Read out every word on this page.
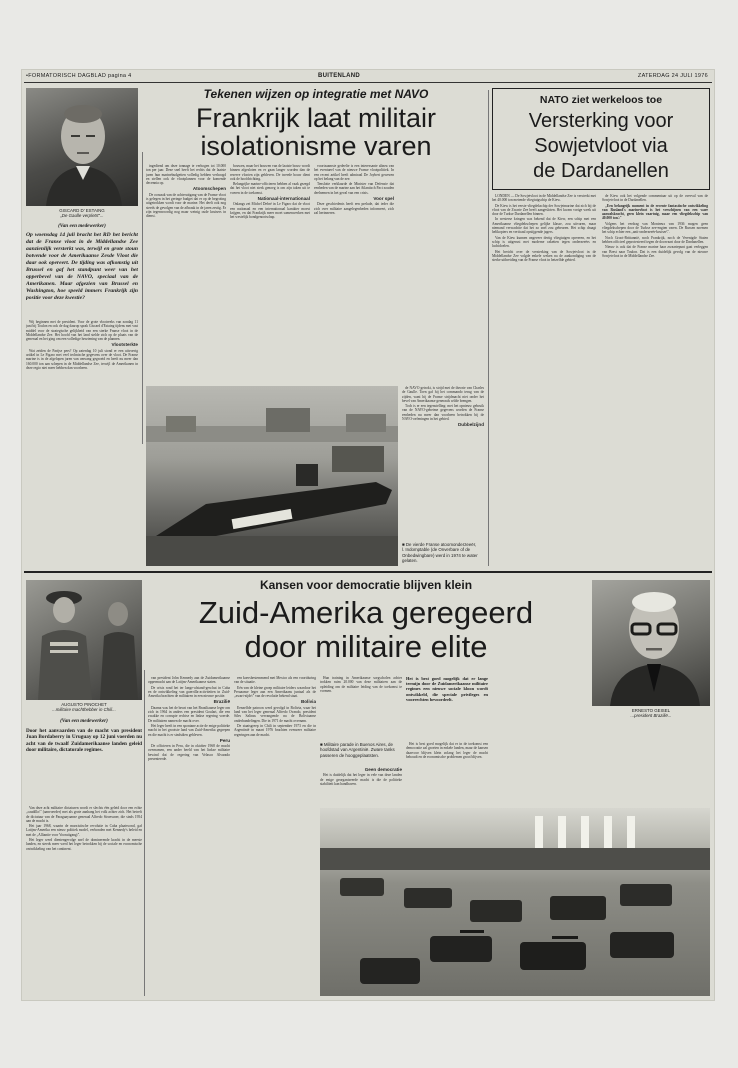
•FORMATORISCH DAGBLAD pagina 4	BUITENLAND	ZATERDAG 24 JULI 1976
GISCARD D' ESTAING
„De Gaulle verpletrt"...
(Van een medewerker)
Op woensdag 14 juli bracht het RD het bericht dat de Franse vloot in de Middellandse Zee aanzienlijk versterkt was, terwijl en grote stoun botvende voor de Amerikaanse Zesde Vloot die daar ook opereert. De tijding was afkomstig uit Brussel en gaf het standpunt weer van het opperbevel van de NAVO, speciaal van de Amerikanen. Maar afgezien van Brussel en Washington, hoe speeld immers Frankrijk zijn positie voor deze kwestie?

Wij beginnen met de president. Voor de grote vlootreeks van zondag 11 juni bij Toulon en ook de dag daarop sprak Giscard d'Estaing tijdens met vast middel voor de strategische gelijkheid van een sterke Franse vloot in de Middellandse Zee. Het hoofd van het land stelde zich op de plaats van de generaal en het ging om een volledige herziening van de plannen.

Vlootsterkte

Wat zeiden de Parijse pers? Op zaterdag 10 juli stond er een uitvoerig artikel in Le Figaro met veel technische gegevens over de vloot. De Franse marine is in de afgelopen jaren van omvang gegroeid en heeft nu meer dan 160.000 ton aan schepen in de Middellandse Zee, terwijl de Amerikanen in deze regio niet meer hebben dan voorheen.

Tekenen wijzen op integratie met NAVO
Frankrijk laat militair
isolationisme varen

ingediend om deze tonnage te verhogen tot 10.000 ton per jaar. Deze snel heeft het rechts dat de laatste jaren hun marinebudgetten volledig hebben verhoogd en stellen ook de vlootplannen voor de komende decennia op.

Atoomschepen

De oorzaak van de achteruitgang van de Franse vloot is gelegen in het geringe budget dat er op de begroting uitgetrokken wordt voor de marine. Het deelt ook nog steeds de gevolgen van de afbraak in de jaren zestig. Er zijn tegenwoordig nog maar weinig oude kruisers in dienst.

bouwen, maar het bouwen van de laatste bouw wordt binnen afgesloten en er gaan langer worden dan de reserve vlooten zijn gebleven. De tweede bouw dient ook de hoofdrichting.

Belangrijke marine-officieren hebben al vaak gezegd dat het vloot niet sterk genoeg is om zijn taken uit te voeren in de toekomst.

Nationaal-internationaal

Onlangs zei Michel Debré in Le Figaro dat de vloot een nationaal en een internationaal karakter moest krijgen, en dat Frankrijk meer moet samenwerken met het westelijk bondgenootschap.

voortzaamste gedeelte is een interessante alinea van het eventueel van de nieuwe Franse vlootpolitiek. In een recent artikel heeft admiraal De Joybert gewezen op het belang van de zee.

Tenslotte verklaarde de Minister van Defensie dat eenheden van de marine aan het Atlantisch Pact zouden deelnemen in het geval van een crisis.

Voor spel

Deze geschiedenis heeft een prelude, dat ieder die zich over militaire aangelegenheden informeert, zich zal herinneren.

■ De vierde Franse atoomonderzeeër, l. Indomptable (de Onverbare of de Onbedwingbare) werd in 1974 te water gelaten.

de NAVO getrokt, is strijd met de theorie van Charles de Gaulle. Toen gaf hij het commando terug van de zijden, want hij de Franse strijdmacht niet onder het bevel van Amerikaanse generaals wilde brengen.

Toch is er een tegenstelling: met het opnieuw gebruik van de NAVO-geheime gegevens worden de Franse eenheden nu meer dan voorheen betrokken bij de NAVO-oefeningen in het gebied.

Dubbelzijnd

NATO ziet werkeloos toe
Versterking voor
Sowjetvloot via
de Dardanellen

LONDEN — De Sowjetvloot in de Middellandse Zee is versterkt met het 40.000 ton metende vliegtuigschip de Kiew.

De Kiew is het eerste vliegdekschip der Sowjetmarine dat zich bij de vloot van de Zwarte Zee heeft aangesloten. Het kwam vorige week uit door de Turkse Dardanellen binnen.

In westerse kringen was bekend dat de Kiew, een schip met een Amerikaanse vliegdekschepen gelijke klasse, zou uitvaren, maar niemand verwachtte dat het zo snel zou gebeuren. Het schip draagt helikopters en verticaal opstijgende jagers.

Van de Kiew kunnen ongeveer dertig vliegtuigen opereren, en het schip is uitgerust met moderne raketten tegen onderzeeërs en luchtdoelen.

Het bericht over de versterking van de Sowjetvloot in de Middellandse Zee volgde enkele weken na de aankondiging van de sterke uitbreiding van de Franse vloot in hetzelfde gebied.

de Kiew ook het volgende commentaar uit op de overval van de Sowjetvloot in de Dardanellen.

„Een belangrijk moment in de recente fantastische ontwikkeling van Rusland's marinevloot is het verschijnen van een ware aanvalskracht, geen klein vaartuig, maar een vliegdekschip van 40.000 ton.\"

Volgens het verdrag van Montreux van 1936 mogen geen vliegdekschepen door de Turkse zee-engten varen. De Russen noemen het schip echter een „anti-onderzeeër-kruiser\".

Noch Groot-Brittannië, noch Frankrijk, noch de Verenigde Staten hebben officieel geprotesteerd tegen de doorvaart door de Dardanellen.

Nieuw is ook dat de Franse marine haar zwaartepunt gaat verleggen van Brest naar Toulon. Dat is een duidelijk gevolg van de nieuwe Sowjetvloot in de Middellandse Zee.

AUGUSTO PINOCHET
...militaire machthebber in Chili...
(Van een medewerker)
Door het aanvaarden van de macht van president Juan Bordaberry in Uruguay op 12 juni voerden nu acht van de twaalf Zuidamerikaanse landen geleid door militaire, dictatorale regimes.

Van deze acht militaire dictaturen wordt er slechts één geleid door een echte „caudillo\" (aanvoerder) met als grote aanhang het volk achter zich. Het betreft de dictatuur van de Paraguayaanse generaal Alfredo Stroessner, die sinds 1954 aan de macht is.

Het jaar 1968, waarin de marxistische revolutie in Cuba plaatsvond, gaf Latijns-Amerika een nieuw politiek model, verbonden met Kennedy's beleid en met de „Alliantie voor Vooruitgang\".

Het leger werd dientengevolge snel de dominerende kracht in de meeste landen, en steeds meer werd het leger betrokken bij de sociale en economische ontwikkeling van het continent.

Kansen voor democratie blijven klein
Zuid-Amerika geregeerd
door militaire elite

van president John Kennedy aan de Zuidamerikaanse oppermacht aan de Latijns-Amerikaanse staten.

De crisis rond het ter lange-afstand-geschut in Cuba en de ontwikkeling van guerrilla-activiteiten in Zuid-Amerika brachten de militairen in een nieuwe positie.

Brazilië

Daarna was het de beurt van het Braziliaanse leger om zich in 1964 in anders een president Goulart, die een zwakke en corrupte rechtse en linkse regering voerde. De militairen namen de macht over.

Het leger heeft in een spontane actie de enige politieke macht in het grootste land van Zuid-Amerika gegrepen en die macht is er sindsdien gebleven.

Peru

De officieren in Peru, die in oktober 1968 de macht overnamen, een ander beeld van het linkse militaire bewind dat de regering van Velasco Alvarado presenteerde.

een koersbestemmend met Mexico als een voortduring van de situatie.

Eén van de kleine groep militaire leiders waardoor het Peruaanse leger aan een Amerikaans juntaal als de „zwart-zijde\" van de revolutie bekend staat.

Bolivia

Eenzelfde patroon werd gevolgd in Bolivia, waar het land van het leger generaal Alfredo Ovando, president Siles Salinas vervangende na de Boliviaanse onderhandelingen. Die in 1971 de macht overnam.

De staatsgreep in Chili in september 1973 en die in Argentinië in maart 1976 brachten evenzeer militaire regeringen aan de macht.

Hun training in Amerikaanse sorgscholen achter trokken ruim 20.000 van deze militairen aan de opleiding om de militaire leiding van de toekomst te vormen.

■ Militaire parade in Buenos Aires, de hoofdstad van Argentinië. Zware tanks passeren de hooggeplaatsten.
Het is best goed mogelijk dat er lange termijn door de Zuidamerikaanse militaire regimes een nieuwe sociale kloon wordt ontwikkeld, die speciale privileges en voorrechten bevoordeelt.

Geen democratie

Het is duidelijk dat het leger in vele van deze landen de enige georganiseerde macht is die de politieke stabiliteit kan handhaven.

Het is best goed mogelijk dat er in de toekomst een democratie zal groeien in enkele landen, maar de kansen daarvoor blijven klein zolang het leger de macht behoudt en de economische problemen groot blijven.

ERNESTO GEISEL
...president Brazilië...
